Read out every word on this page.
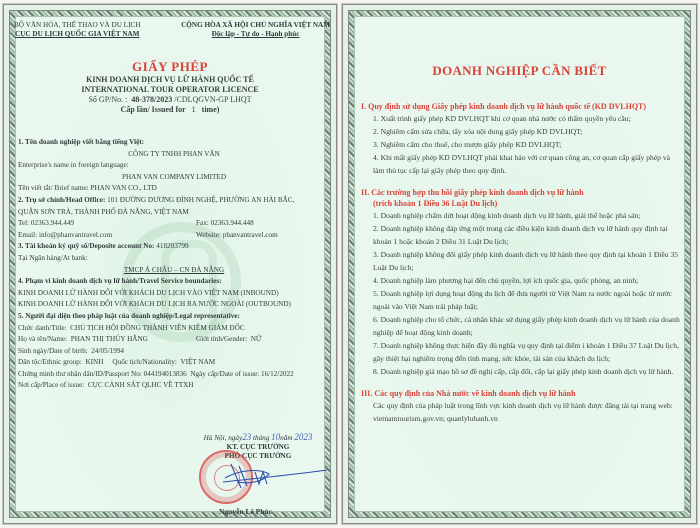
BỘ VĂN HÓA, THỂ THAO VÀ DU LỊCH
CỤC DU LỊCH QUỐC GIA VIỆT NAM
CỘNG HÒA XÃ HỘI CHỦ NGHĨA VIỆT NAM
Độc lập - Tự do - Hạnh phúc
GIẤY PHÉP
KINH DOANH DỊCH VỤ LỮ HÀNH QUỐC TẾ
INTERNATIONAL TOUR OPERATOR LICENCE
Số GP/No. : 48-378/2023 /CDLQGVN-GP LHQT
Cấp lần/ Issued for 1 time)
1. Tên doanh nghiệp viết bằng tiếng Việt:
CÔNG TY TNHH PHAN VĂN
Enterprise's name in foreign language:
PHAN VAN COMPANY LIMITED
Tên viết tắt/ Brief name: PHAN VAN CO., LTD
2. Trụ sở chính/Head Office: 101 ĐƯỜNG DƯƠNG ĐÌNH NGHỆ, PHƯỜNG AN HẢI BẮC,
QUẬN SƠN TRÀ, THÀNH PHỐ ĐÀ NẴNG, VIỆT NAM
Tel: 02363.944.449	Fax: 02363.944.448
Email: info@phanvantravel.com	Website: phanvantravel.com
3. Tài khoản ký quỹ số/Deposite account No: 418203799
Tại Ngân hàng/At bank:
TMCP Á CHÂU – CN ĐÀ NẴNG
4. Phạm vi kinh doanh dịch vụ lữ hành/Travel Service boundaries:
KINH DOANH LỮ HÀNH ĐỐI VỚI KHÁCH DU LỊCH VÀO VIỆT NAM (INBOUND)
KINH DOANH LỮ HÀNH ĐỐI VỚI KHÁCH DU LỊCH RA NƯỚC NGOÀI (OUTBOUND)
5. Người đại diện theo pháp luật của doanh nghiệp/Legal representative:
Chức danh/Title: CHỦ TỊCH HỘI ĐỒNG THÀNH VIÊN KIÊM GIÁM ĐỐC
Họ và tên/Name: PHAN THỊ THÚY HẰNG	Giới tính/Gender: NỮ
Sinh ngày/Date of birth: 24/05/1994
Dân tộc/Ethnic group: KINH Quốc tịch/Nationality: VIỆT NAM
Chứng minh thư nhân dân/ID/Passport No: 044194013836 Ngày cấp/Date of issue: 16/12/2022
Nơi cấp/Place of issue: CỤC CẢNH SÁT QLHC VỀ TTXH
Hà Nội, ngày23 tháng 10năm 2023
KT. CỤC TRƯỞNG
PHÓ CỤC TRƯỞNG
Nguyễn Lê Phúc
DOANH NGHIỆP CẦN BIẾT
I. Quy định sử dụng Giấy phép kinh doanh dịch vụ lữ hành quốc tế (KD DVLHQT)
1. Xuất trình giấy phép KD DVLHQT khi cơ quan nhà nước có thẩm quyền yêu cầu;
2. Nghiêm cấm sửa chữa, tẩy xóa nội dung giấy phép KD DVLHQT;
3. Nghiêm cấm cho thuê, cho mượn giấy phép KD DVLHQT;
4. Khi mất giấy phép KD DVLHQT phải khai báo với cơ quan công an, cơ quan cấp giấy phép và làm thủ tục cấp lại giấy phép theo quy định.
II. Các trường hợp thu hồi giấy phép kinh doanh dịch vụ lữ hành
(trích khoản 1 Điều 36 Luật Du lịch)
1. Doanh nghiệp chấm dứt hoạt động kinh doanh dịch vụ lữ hành, giải thể hoặc phá sản;
2. Doanh nghiệp không đáp ứng một trong các điều kiện kinh doanh dịch vụ lữ hành quy định tại khoản 1 hoặc khoản 2 Điều 31 Luật Du lịch;
3. Doanh nghiệp không đổi giấy phép kinh doanh dịch vụ lữ hành theo quy định tại khoản 1 Điều 35 Luật Du lịch;
4. Doanh nghiệp làm phương hại đến chủ quyền, lợi ích quốc gia, quốc phòng, an ninh;
5. Doanh nghiệp lợi dụng hoạt động du lịch để đưa người từ Việt Nam ra nước ngoài hoặc từ nước ngoài vào Việt Nam trái pháp luật;
6. Doanh nghiệp cho tổ chức, cá nhân khác sử dụng giấy phép kinh doanh dịch vụ lữ hành của doanh nghiệp để hoạt động kinh doanh;
7. Doanh nghiệp không thực hiện đầy đủ nghĩa vụ quy định tại điểm i khoản 1 Điều 37 Luật Du lịch, gây thiệt hại nghiêm trọng đến tính mạng, sức khỏe, tài sản của khách du lịch;
8. Doanh nghiệp giả mạo hồ sơ đề nghị cấp, cấp đổi, cấp lại giấy phép kinh doanh dịch vụ lữ hành.
III. Các quy định của Nhà nước về kinh doanh dịch vụ lữ hành
Các quy định của pháp luật trong lĩnh vực kinh doanh dịch vụ lữ hành được đăng tải tại trang web: vietnamtourism.gov.vn; quanlyluhanh.vn
